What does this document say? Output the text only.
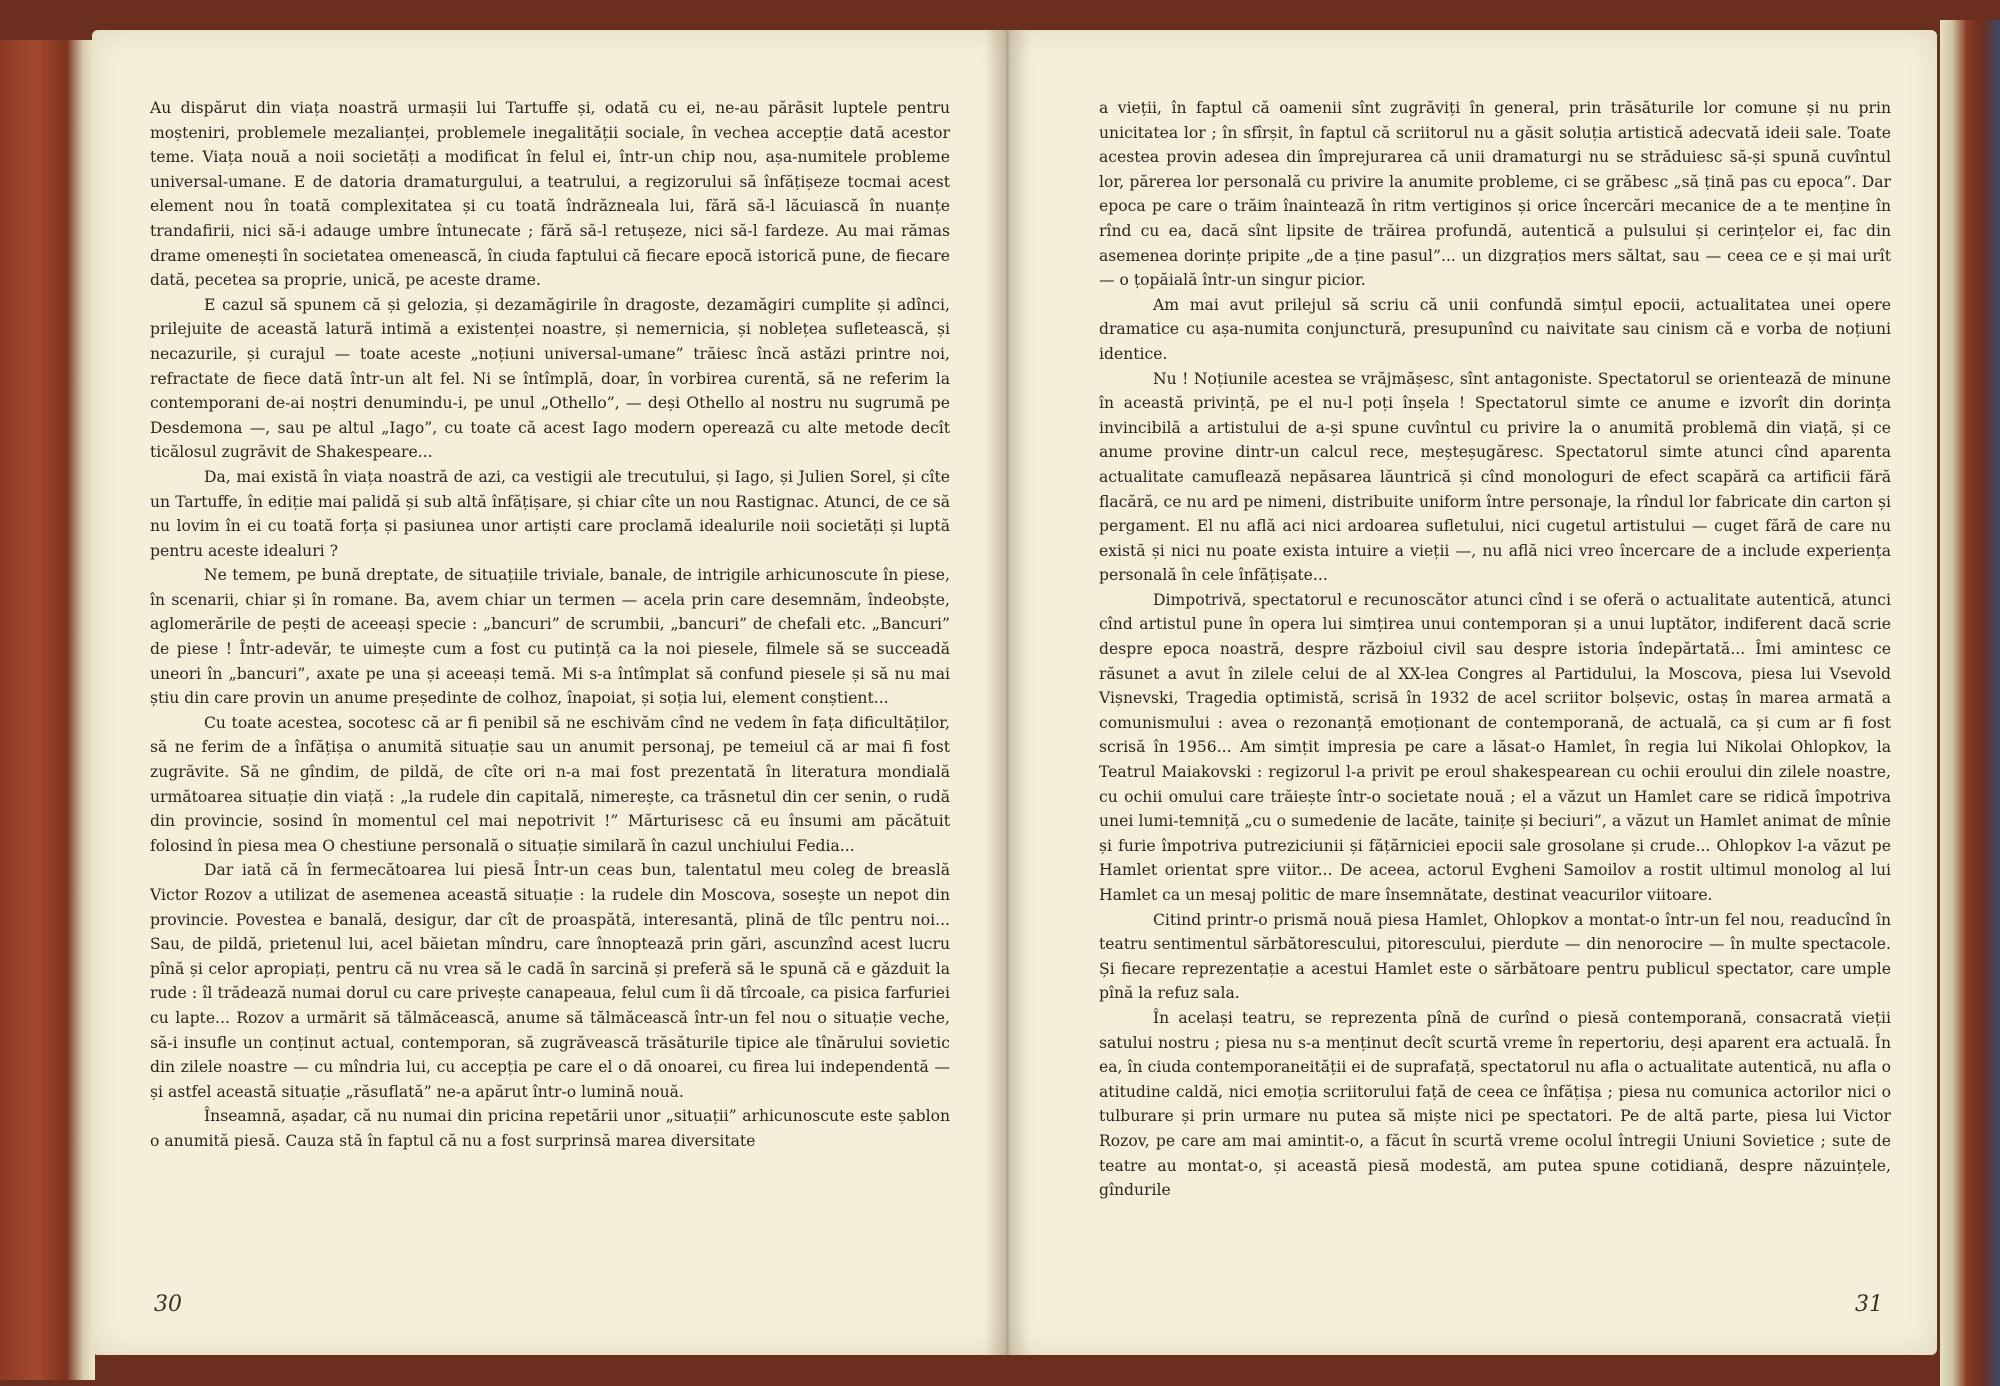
Au dispărut din viața noastră urmașii lui Tartuffe și, odată cu ei, ne-au părăsit luptele pentru moșteniri, problemele mezalianței, problemele inegalității sociale, în vechea accepție dată acestor teme. Viața nouă a noii societăți a modificat în felul ei, într-un chip nou, așa-numitele probleme universal-umane. E de datoria dramaturgului, a teatrului, a regizorului să înfățișeze tocmai acest element nou în toată complexitatea și cu toată îndrăzneala lui, fără să-l lăcuiască în nuanțe trandafirii, nici să-i adauge umbre întunecate ; fără să-l retușeze, nici să-l fardeze. Au mai rămas drame omenești în societatea omenească, în ciuda faptului că fiecare epocă istorică pune, de fiecare dată, pecetea sa proprie, unică, pe aceste drame.

E cazul să spunem că și gelozia, și dezamăgirile în dragoste, dezamăgiri cumplite și adînci, prilejuite de această latură intimă a existenței noastre, și nemernicia, și noblețea sufletească, și necazurile, și curajul — toate aceste „noțiuni universal-umane” trăiesc încă astăzi printre noi, refractate de fiece dată într-un alt fel. Ni se întîmplă, doar, în vorbirea curentă, să ne referim la contemporani de-ai noștri denumindu-i, pe unul „Othello”, — deși Othello al nostru nu sugrumă pe Desdemona —, sau pe altul „Iago”, cu toate că acest Iago modern operează cu alte metode decît ticălosul zugrăvit de Shakespeare...

Da, mai există în viața noastră de azi, ca vestigii ale trecutului, și Iago, și Julien Sorel, și cîte un Tartuffe, în ediție mai palidă și sub altă înfățișare, și chiar cîte un nou Rastignac. Atunci, de ce să nu lovim în ei cu toată forța și pasiunea unor artiști care proclamă idealurile noii societăți și luptă pentru aceste idealuri ?

Ne temem, pe bună dreptate, de situațiile triviale, banale, de intrigile arhicunoscute în piese, în scenarii, chiar și în romane. Ba, avem chiar un termen — acela prin care desemnăm, îndeobște, aglomerările de pești de aceeași specie : „bancuri” de scrumbii, „bancuri” de chefali etc. „Bancuri” de piese ! Într-adevăr, te uimește cum a fost cu putință ca la noi piesele, filmele să se succeadă uneori în „bancuri”, axate pe una și aceeași temă. Mi s-a întîmplat să confund piesele și să nu mai știu din care provin un anume președinte de colhoz, înapoiat, și soția lui, element conștient...

Cu toate acestea, socotesc că ar fi penibil să ne eschivăm cînd ne vedem în fața dificultăților, să ne ferim de a înfățișa o anumită situație sau un anumit personaj, pe temeiul că ar mai fi fost zugrăvite. Să ne gîndim, de pildă, de cîte ori n-a mai fost prezentată în literatura mondială următoarea situație din viață : „la rudele din capitală, nimerește, ca trăsnetul din cer senin, o rudă din provincie, sosind în momentul cel mai nepotrivit !” Mărturisesc că eu însumi am păcătuit folosind în piesa mea O chestiune personală o situație similară în cazul unchiului Fedia...

Dar iată că în fermecătoarea lui piesă Într-un ceas bun, talentatul meu coleg de breaslă Victor Rozov a utilizat de asemenea această situație : la rudele din Moscova, sosește un nepot din provincie. Povestea e banală, desigur, dar cît de proaspătă, interesantă, plină de tîlc pentru noi... Sau, de pildă, prietenul lui, acel băietan mîndru, care înnoptează prin gări, ascunzînd acest lucru pînă și celor apropiați, pentru că nu vrea să le cadă în sarcină și preferă să le spună că e găzduit la rude : îl trădează numai dorul cu care privește canapeaua, felul cum îi dă tîrcoale, ca pisica farfuriei cu lapte... Rozov a urmărit să tălmăcească, anume să tălmăcească într-un fel nou o situație veche, să-i insufle un conținut actual, contemporan, să zugrăvească trăsăturile tipice ale tînărului sovietic din zilele noastre — cu mîndria lui, cu accepția pe care el o dă onoarei, cu firea lui independentă — și astfel această situație „răsuflată” ne-a apărut într-o lumină nouă.

Înseamnă, așadar, că nu numai din pricina repetării unor „situații” arhicunoscute este șablon o anumită piesă. Cauza stă în faptul că nu a fost surprinsă marea diversitate

30

a vieții, în faptul că oamenii sînt zugrăviți în general, prin trăsăturile lor comune și nu prin unicitatea lor ; în sfîrșit, în faptul că scriitorul nu a găsit soluția artistică adecvată ideii sale. Toate acestea provin adesea din împrejurarea că unii dramaturgi nu se străduiesc să-și spună cuvîntul lor, părerea lor personală cu privire la anumite probleme, ci se grăbesc „să țină pas cu epoca”. Dar epoca pe care o trăim înaintează în ritm vertiginos și orice încercări mecanice de a te menține în rînd cu ea, dacă sînt lipsite de trăirea profundă, autentică a pulsului și cerințelor ei, fac din asemenea dorințe pripite „de a ține pasul”... un dizgrațios mers săltat, sau — ceea ce e și mai urît — o țopăială într-un singur picior.

Am mai avut prilejul să scriu că unii confundă simțul epocii, actualitatea unei opere dramatice cu așa-numita conjunctură, presupunînd cu naivitate sau cinism că e vorba de noțiuni identice.

Nu ! Noțiunile acestea se vrăjmășesc, sînt antagoniste. Spectatorul se orientează de minune în această privință, pe el nu-l poți înșela ! Spectatorul simte ce anume e izvorît din dorința invincibilă a artistului de a-și spune cuvîntul cu privire la o anumită problemă din viață, și ce anume provine dintr-un calcul rece, meșteșugăresc. Spectatorul simte atunci cînd aparenta actualitate camuflează nepăsarea lăuntrică și cînd monologuri de efect scapără ca artificii fără flacără, ce nu ard pe nimeni, distribuite uniform între personaje, la rîndul lor fabricate din carton și pergament. El nu află aci nici ardoarea sufletului, nici cugetul artistului — cuget fără de care nu există și nici nu poate exista intuire a vieții —, nu află nici vreo încercare de a include experiența personală în cele înfățișate...

Dimpotrivă, spectatorul e recunoscător atunci cînd i se oferă o actualitate autentică, atunci cînd artistul pune în opera lui simțirea unui contemporan și a unui luptător, indiferent dacă scrie despre epoca noastră, despre războiul civil sau despre istoria îndepărtată... Îmi amintesc ce răsunet a avut în zilele celui de al XX-lea Congres al Partidului, la Moscova, piesa lui Vsevold Vișnevski, Tragedia optimistă, scrisă în 1932 de acel scriitor bolșevic, ostaș în marea armată a comunismului : avea o rezonanță emoționant de contemporană, de actuală, ca și cum ar fi fost scrisă în 1956... Am simțit impresia pe care a lăsat-o Hamlet, în regia lui Nikolai Ohlopkov, la Teatrul Maiakovski : regizorul l-a privit pe eroul shakespearean cu ochii eroului din zilele noastre, cu ochii omului care trăiește într-o societate nouă ; el a văzut un Hamlet care se ridică împotriva unei lumi-temniță „cu o sumedenie de lacăte, tainițe și beciuri”, a văzut un Hamlet animat de mînie și furie împotriva putreziciunii și fățărniciei epocii sale grosolane și crude... Ohlopkov l-a văzut pe Hamlet orientat spre viitor... De aceea, actorul Evgheni Samoilov a rostit ultimul monolog al lui Hamlet ca un mesaj politic de mare însemnătate, destinat veacurilor viitoare.

Citind printr-o prismă nouă piesa Hamlet, Ohlopkov a montat-o într-un fel nou, readucînd în teatru sentimentul sărbătorescului, pitorescului, pierdute — din nenorocire — în multe spectacole. Și fiecare reprezentație a acestui Hamlet este o sărbătoare pentru publicul spectator, care umple pînă la refuz sala.

În același teatru, se reprezenta pînă de curînd o piesă contemporană, consacrată vieții satului nostru ; piesa nu s-a menținut decît scurtă vreme în repertoriu, deși aparent era actuală. În ea, în ciuda contemporaneității ei de suprafață, spectatorul nu afla o actualitate autentică, nu afla o atitudine caldă, nici emoția scriitorului față de ceea ce înfățișa ; piesa nu comunica actorilor nici o tulburare și prin urmare nu putea să miște nici pe spectatori. Pe de altă parte, piesa lui Victor Rozov, pe care am mai amintit-o, a făcut în scurtă vreme ocolul întregii Uniuni Sovietice ; sute de teatre au montat-o, și această piesă modestă, am putea spune cotidiană, despre năzuințele, gîndurile

31
